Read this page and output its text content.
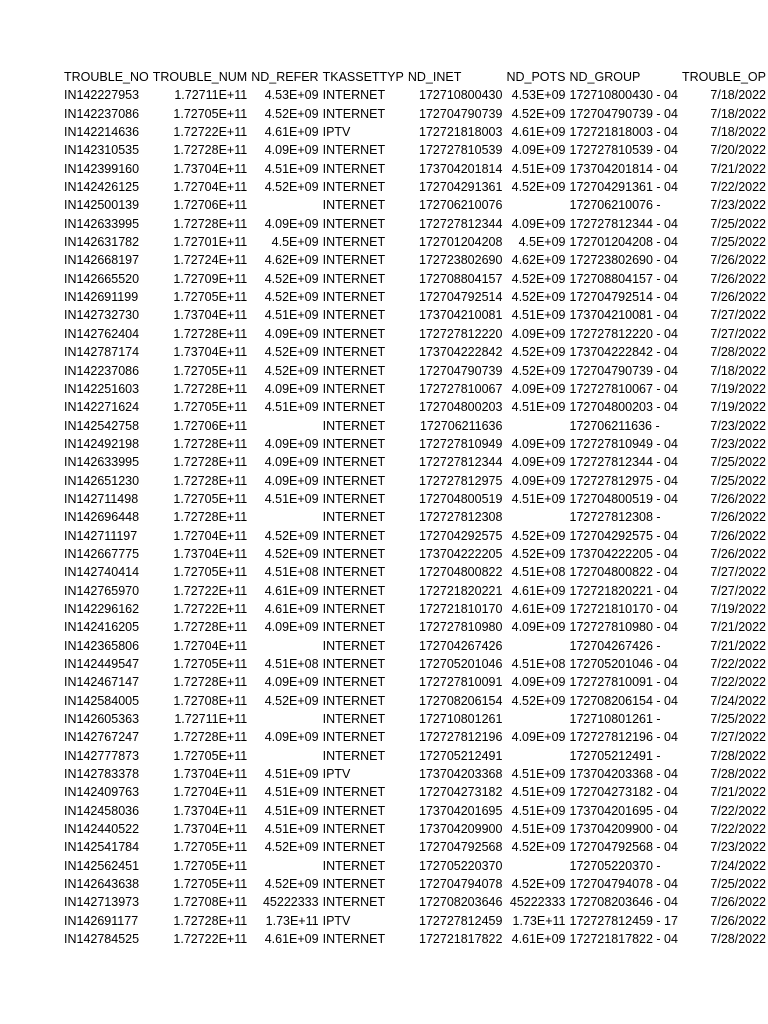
TROUBLE_NO	TROUBLE_NUM	ND_REFER	TKASSETTYP	ND_INET	ND_POTS	ND_GROUP	TROUBLE_OP
IN142227953	1.72711E+11	4.53E+09	INTERNET	172710800430	4.53E+09	172710800430 - 04	7/18/2022
IN142237086	1.72705E+11	4.52E+09	INTERNET	172704790739	4.52E+09	172704790739 - 04	7/18/2022
IN142214636	1.72722E+11	4.61E+09	IPTV	172721818003	4.61E+09	172721818003 - 04	7/18/2022
IN142310535	1.72728E+11	4.09E+09	INTERNET	172727810539	4.09E+09	172727810539 - 04	7/20/2022
IN142399160	1.73704E+11	4.51E+09	INTERNET	173704201814	4.51E+09	173704201814 - 04	7/21/2022
IN142426125	1.72704E+11	4.52E+09	INTERNET	172704291361	4.52E+09	172704291361 - 04	7/22/2022
IN142500139	1.72706E+11		INTERNET	172706210076		172706210076 -	7/23/2022
IN142633995	1.72728E+11	4.09E+09	INTERNET	172727812344	4.09E+09	172727812344 - 04	7/25/2022
IN142631782	1.72701E+11	4.5E+09	INTERNET	172701204208	4.5E+09	172701204208 - 04	7/25/2022
IN142668197	1.72724E+11	4.62E+09	INTERNET	172723802690	4.62E+09	172723802690 - 04	7/26/2022
IN142665520	1.72709E+11	4.52E+09	INTERNET	172708804157	4.52E+09	172708804157 - 04	7/26/2022
IN142691199	1.72705E+11	4.52E+09	INTERNET	172704792514	4.52E+09	172704792514 - 04	7/26/2022
IN142732730	1.73704E+11	4.51E+09	INTERNET	173704210081	4.51E+09	173704210081 - 04	7/27/2022
IN142762404	1.72728E+11	4.09E+09	INTERNET	172727812220	4.09E+09	172727812220 - 04	7/27/2022
IN142787174	1.73704E+11	4.52E+09	INTERNET	173704222842	4.52E+09	173704222842 - 04	7/28/2022
IN142237086	1.72705E+11	4.52E+09	INTERNET	172704790739	4.52E+09	172704790739 - 04	7/18/2022
IN142251603	1.72728E+11	4.09E+09	INTERNET	172727810067	4.09E+09	172727810067 - 04	7/19/2022
IN142271624	1.72705E+11	4.51E+09	INTERNET	172704800203	4.51E+09	172704800203 - 04	7/19/2022
IN142542758	1.72706E+11		INTERNET	172706211636		172706211636 -	7/23/2022
IN142492198	1.72728E+11	4.09E+09	INTERNET	172727810949	4.09E+09	172727810949 - 04	7/23/2022
IN142633995	1.72728E+11	4.09E+09	INTERNET	172727812344	4.09E+09	172727812344 - 04	7/25/2022
IN142651230	1.72728E+11	4.09E+09	INTERNET	172727812975	4.09E+09	172727812975 - 04	7/25/2022
IN142711498	1.72705E+11	4.51E+09	INTERNET	172704800519	4.51E+09	172704800519 - 04	7/26/2022
IN142696448	1.72728E+11		INTERNET	172727812308		172727812308 -	7/26/2022
IN142711197	1.72704E+11	4.52E+09	INTERNET	172704292575	4.52E+09	172704292575 - 04	7/26/2022
IN142667775	1.73704E+11	4.52E+09	INTERNET	173704222205	4.52E+09	173704222205 - 04	7/26/2022
IN142740414	1.72705E+11	4.51E+08	INTERNET	172704800822	4.51E+08	172704800822 - 04	7/27/2022
IN142765970	1.72722E+11	4.61E+09	INTERNET	172721820221	4.61E+09	172721820221 - 04	7/27/2022
IN142296162	1.72722E+11	4.61E+09	INTERNET	172721810170	4.61E+09	172721810170 - 04	7/19/2022
IN142416205	1.72728E+11	4.09E+09	INTERNET	172727810980	4.09E+09	172727810980 - 04	7/21/2022
IN142365806	1.72704E+11		INTERNET	172704267426		172704267426 -	7/21/2022
IN142449547	1.72705E+11	4.51E+08	INTERNET	172705201046	4.51E+08	172705201046 - 04	7/22/2022
IN142467147	1.72728E+11	4.09E+09	INTERNET	172727810091	4.09E+09	172727810091 - 04	7/22/2022
IN142584005	1.72708E+11	4.52E+09	INTERNET	172708206154	4.52E+09	172708206154 - 04	7/24/2022
IN142605363	1.72711E+11		INTERNET	172710801261		172710801261 -	7/25/2022
IN142767247	1.72728E+11	4.09E+09	INTERNET	172727812196	4.09E+09	172727812196 - 04	7/27/2022
IN142777873	1.72705E+11		INTERNET	172705212491		172705212491 -	7/28/2022
IN142783378	1.73704E+11	4.51E+09	IPTV	173704203368	4.51E+09	173704203368 - 04	7/28/2022
IN142409763	1.72704E+11	4.51E+09	INTERNET	172704273182	4.51E+09	172704273182 - 04	7/21/2022
IN142458036	1.73704E+11	4.51E+09	INTERNET	173704201695	4.51E+09	173704201695 - 04	7/22/2022
IN142440522	1.73704E+11	4.51E+09	INTERNET	173704209900	4.51E+09	173704209900 - 04	7/22/2022
IN142541784	1.72705E+11	4.52E+09	INTERNET	172704792568	4.52E+09	172704792568 - 04	7/23/2022
IN142562451	1.72705E+11		INTERNET	172705220370		172705220370 -	7/24/2022
IN142643638	1.72705E+11	4.52E+09	INTERNET	172704794078	4.52E+09	172704794078 - 04	7/25/2022
IN142713973	1.72708E+11	45222333	INTERNET	172708203646	45222333	172708203646 - 04	7/26/2022
IN142691177	1.72728E+11	1.73E+11	IPTV	172727812459	1.73E+11	172727812459 - 17	7/26/2022
IN142784525	1.72722E+11	4.61E+09	INTERNET	172721817822	4.61E+09	172721817822 - 04	7/28/2022
